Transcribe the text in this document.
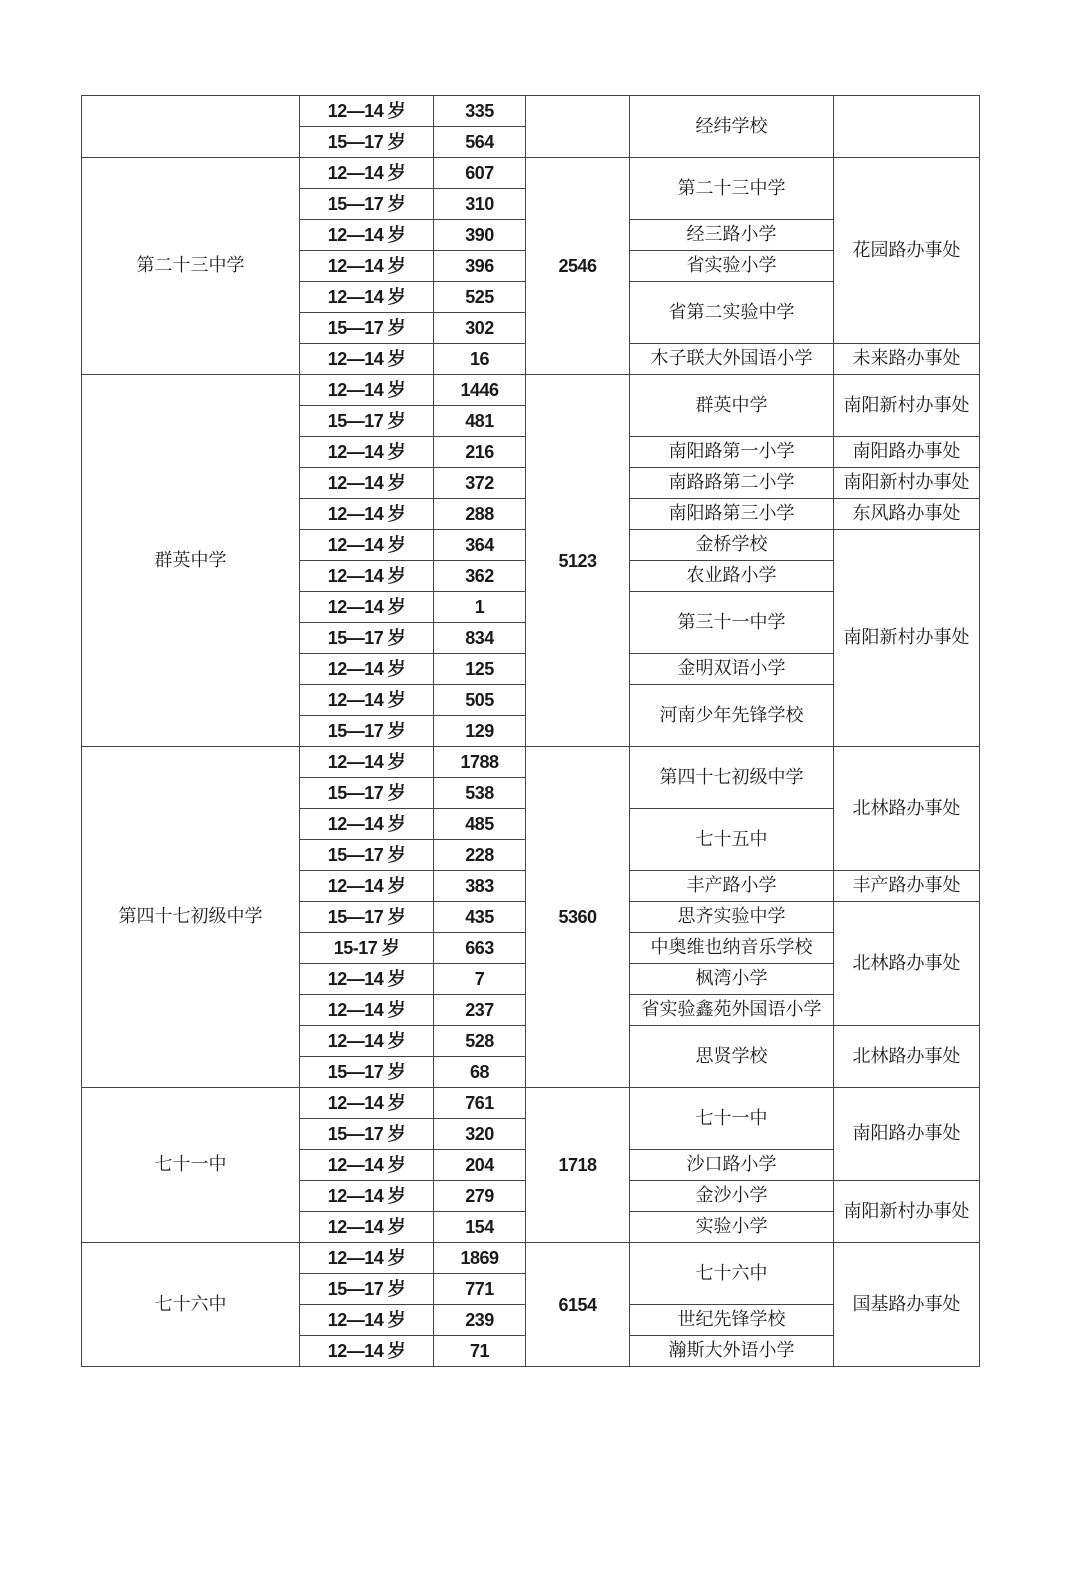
	12—14 岁	335		经纬学校	
	15—17 岁	564			
第二十三中学	12—14 岁	607	2546	第二十三中学	花园路办事处
	15—17 岁	310			
	12—14 岁	390		经三路小学	
	12—14 岁	396		省实验小学	
	12—14 岁	525		省第二实验中学	
	15—17 岁	302			
	12—14 岁	16		木子联大外国语小学	未来路办事处
群英中学	12—14 岁	1446	5123	群英中学	南阳新村办事处
	15—17 岁	481			
	12—14 岁	216		南阳路第一小学	南阳路办事处
	12—14 岁	372		南路路第二小学	南阳新村办事处
	12—14 岁	288		南阳路第三小学	东风路办事处
	12—14 岁	364		金桥学校	南阳新村办事处
	12—14 岁	362		农业路小学	
	12—14 岁	1		第三十一中学	
	15—17 岁	834			
	12—14 岁	125		金明双语小学	
	12—14 岁	505		河南少年先锋学校	
	15—17 岁	129			
第四十七初级中学	12—14 岁	1788	5360	第四十七初级中学	北林路办事处
	15—17 岁	538			
	12—14 岁	485		七十五中	
	15—17 岁	228			
	12—14 岁	383		丰产路小学	丰产路办事处
	15—17 岁	435		思齐实验中学	北林路办事处
	15-17 岁	663		中奥维也纳音乐学校	
	12—14 岁	7		枫湾小学	
	12—14 岁	237		省实验鑫苑外国语小学	
	12—14 岁	528		思贤学校	北林路办事处
	15—17 岁	68			
七十一中	12—14 岁	761	1718	七十一中	南阳路办事处
	15—17 岁	320			
	12—14 岁	204		沙口路小学	
	12—14 岁	279		金沙小学	南阳新村办事处
	12—14 岁	154		实验小学	
七十六中	12—14 岁	1869	6154	七十六中	国基路办事处
	15—17 岁	771			
	12—14 岁	239		世纪先锋学校	
	12—14 岁	71		瀚斯大外语小学	
